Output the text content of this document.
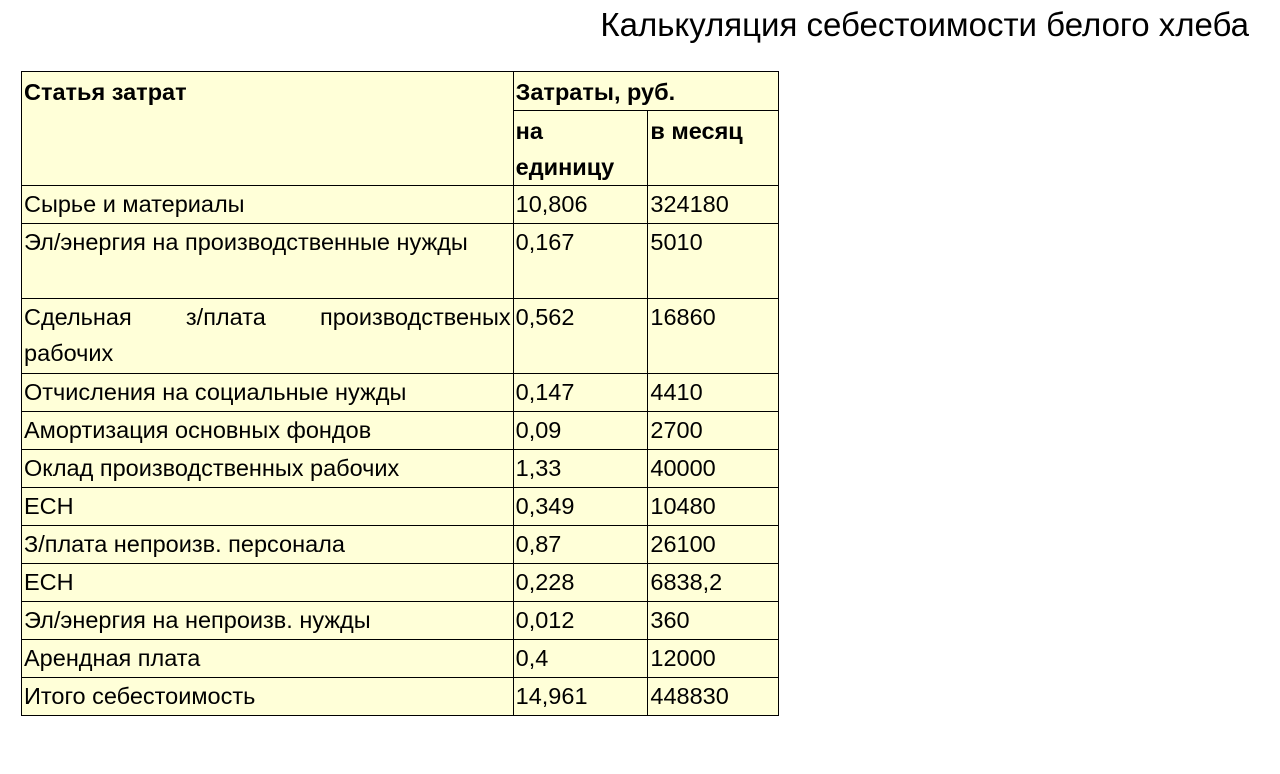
Калькуляция себестоимости белого хлеба
Статья затрат	Затраты, руб.	

	на единицу	в месяц

Сырье и материалы	10,806	324180
Эл/энергия на производственные нужды	0,167	5010
Сдельная з/плата производственых рабочих	0,562	16860
Отчисления на социальные нужды	0,147	4410
Амортизация основных фондов	0,09	2700
Оклад производственных рабочих	1,33	40000
ЕСН	0,349	10480
З/плата непроизв. персонала	0,87	26100
ЕСН	0,228	6838,2
Эл/энергия на непроизв. нужды	0,012	360
Арендная плата	0,4	12000
Итого себестоимость	14,961	448830
